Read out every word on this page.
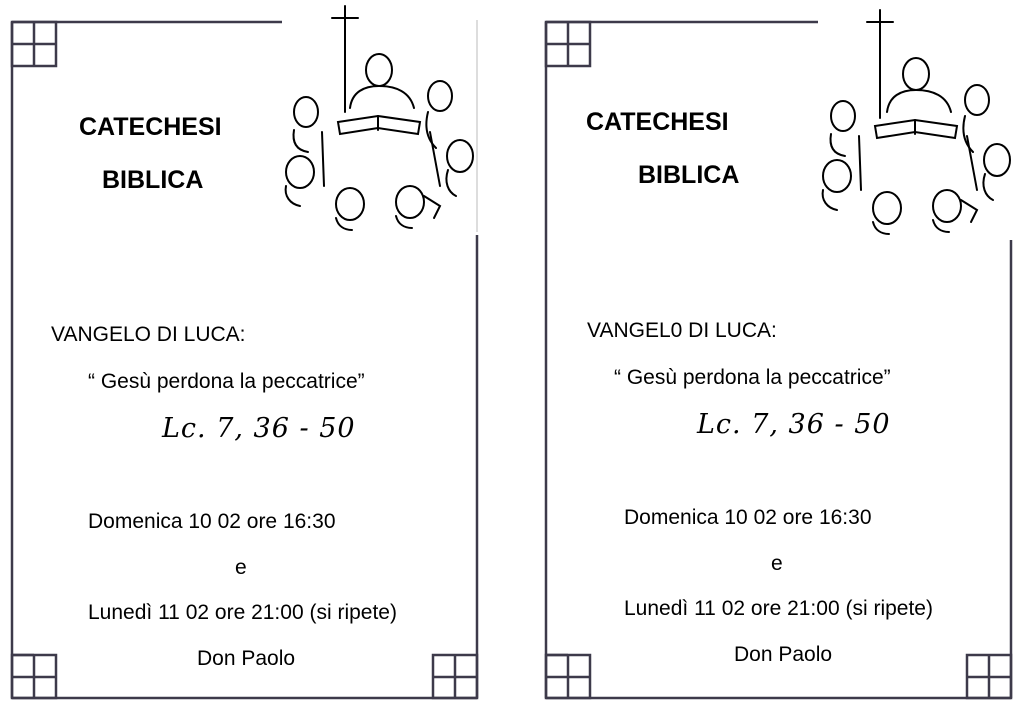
CATECHESI

BIBLICA

VANGELO DI LUCA:

“ Gesù perdona la peccatrice”

Lc. 7, 36 - 50

Domenica 10 02 ore 16:30

e

Lunedì 11 02 ore 21:00 (si ripete)

Don Paolo

CATECHESI

BIBLICA

VANGEL0 DI LUCA:

“ Gesù perdona la peccatrice”

Lc. 7, 36 - 50

Domenica 10 02 ore 16:30

e

Lunedì 11 02 ore 21:00 (si ripete)

Don Paolo
